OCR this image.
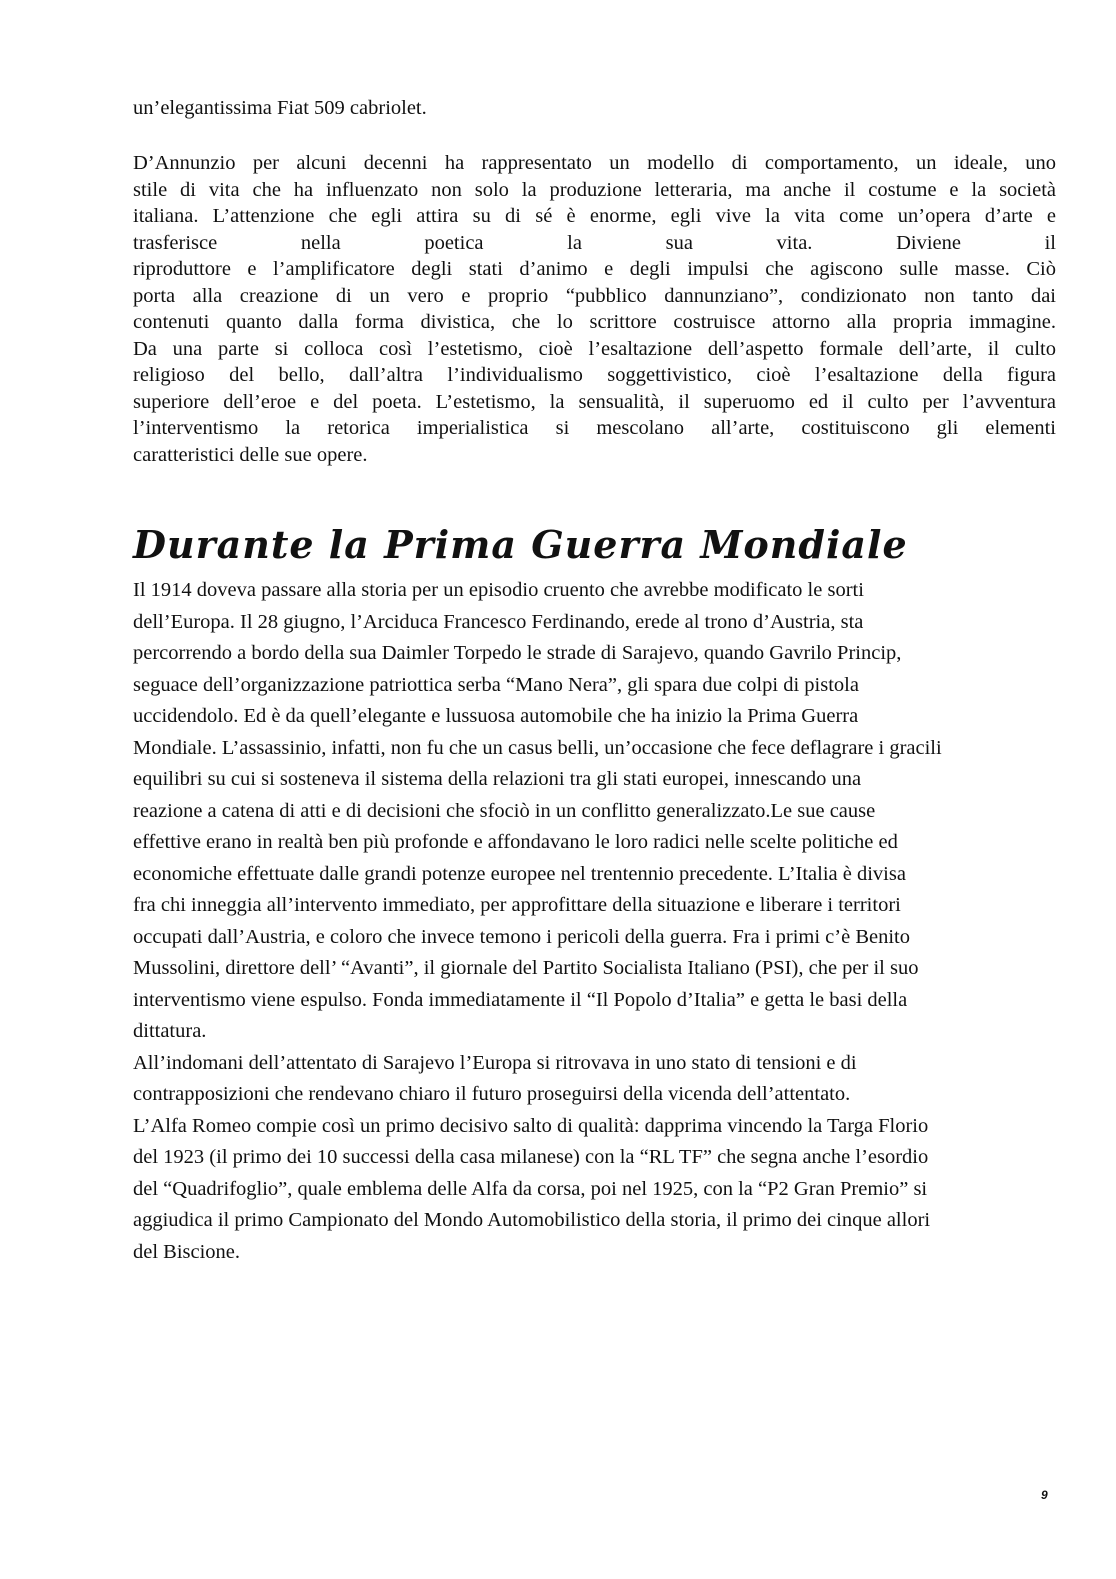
un’elegantissima Fiat 509 cabriolet.

D’Annunzio per alcuni decenni ha rappresentato un modello di comportamento, un ideale, uno
stile di vita che ha influenzato non solo la produzione letteraria, ma anche il costume e la società
italiana. L’attenzione che egli attira su di sé è enorme, egli vive la vita come un’opera d’arte e
trasferisce nella poetica la sua vita. Diviene il
riproduttore e l’amplificatore degli stati d’animo e degli impulsi che agiscono sulle masse. Ciò
porta alla creazione di un vero e proprio “pubblico dannunziano”, condizionato non tanto dai
contenuti quanto dalla forma divistica, che lo scrittore costruisce attorno alla propria immagine.
Da una parte si colloca così l’estetismo, cioè l’esaltazione dell’aspetto formale dell’arte, il culto
religioso del bello, dall’altra l’individualismo soggettivistico, cioè l’esaltazione della figura
superiore dell’eroe e del poeta. L’estetismo, la sensualità, il superuomo ed il culto per l’avventura
l’interventismo la retorica imperialistica si mescolano all’arte, costituiscono gli elementi
caratteristici delle sue opere.

Durante la Prima Guerra Mondiale

Il 1914 doveva passare alla storia per un episodio cruento che avrebbe modificato le sorti
dell’Europa. Il 28 giugno, l’Arciduca Francesco Ferdinando, erede al trono d’Austria, sta
percorrendo a bordo della sua Daimler Torpedo le strade di Sarajevo, quando Gavrilo Princip,
seguace dell’organizzazione patriottica serba “Mano Nera”, gli spara due colpi di pistola
uccidendolo. Ed è da quell’elegante e lussuosa automobile che ha inizio la Prima Guerra
Mondiale. L’assassinio, infatti, non fu che un casus belli, un’occasione che fece deflagrare i gracili
equilibri su cui si sosteneva il sistema della relazioni tra gli stati europei, innescando una
reazione a catena di atti e di decisioni che sfociò in un conflitto generalizzato.Le sue cause
effettive erano in realtà ben più profonde e affondavano le loro radici nelle scelte politiche ed
economiche effettuate dalle grandi potenze europee nel trentennio precedente. L’Italia è divisa
fra chi inneggia all’intervento immediato, per approfittare della situazione e liberare i territori
occupati dall’Austria, e coloro che invece temono i pericoli della guerra. Fra i primi c’è Benito
Mussolini, direttore dell’ “Avanti”, il giornale del Partito Socialista Italiano (PSI), che per il suo
interventismo viene espulso. Fonda immediatamente il “Il Popolo d’Italia” e getta le basi della
dittatura.
All’indomani dell’attentato di Sarajevo l’Europa si ritrovava in uno stato di tensioni e di
contrapposizioni che rendevano chiaro il futuro proseguirsi della vicenda dell’attentato.
L’Alfa Romeo compie così un primo decisivo salto di qualità: dapprima vincendo la Targa Florio
del 1923 (il primo dei 10 successi della casa milanese) con la “RL TF” che segna anche l’esordio
del “Quadrifoglio”, quale emblema delle Alfa da corsa, poi nel 1925, con la “P2 Gran Premio” si
aggiudica il primo Campionato del Mondo Automobilistico della storia, il primo dei cinque allori
del Biscione.

9
